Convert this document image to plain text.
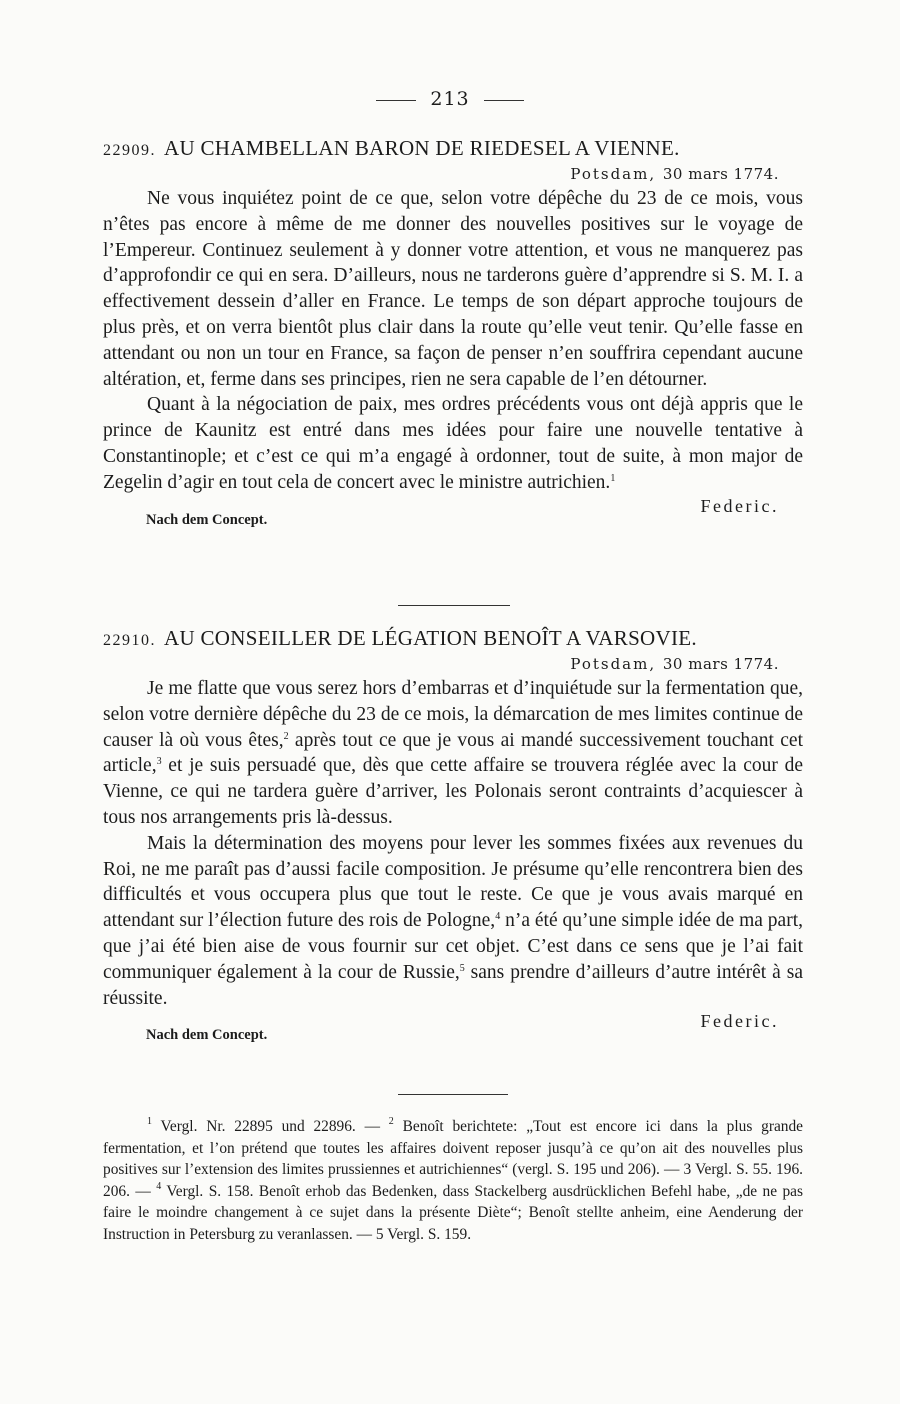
213
22909. AU CHAMBELLAN BARON DE RIEDESEL A VIENNE.
Potsdam, 30 mars 1774.

Ne vous inquiétez point de ce que, selon votre dépêche du 23 de ce mois, vous n’êtes pas encore à même de me donner des nouvelles positives sur le voyage de l’Empereur. Continuez seulement à y donner votre attention, et vous ne manquerez pas d’approfondir ce qui en sera. D’ailleurs, nous ne tarderons guère d’apprendre si S. M. I. a effectivement dessein d’aller en France. Le temps de son départ approche toujours de plus près, et on verra bientôt plus clair dans la route qu’elle veut tenir. Qu’elle fasse en attendant ou non un tour en France, sa façon de penser n’en souffrira cependant aucune altération, et, ferme dans ses principes, rien ne sera capable de l’en détourner.

Quant à la négociation de paix, mes ordres précédents vous ont déjà appris que le prince de Kaunitz est entré dans mes idées pour faire une nouvelle tentative à Constantinople; et c’est ce qui m’a engagé à ordonner, tout de suite, à mon major de Zegelin d’agir en tout cela de concert avec le ministre autrichien.$^1$

Nach dem Concept.
Federic.
22910. AU CONSEILLER DE LÉGATION BENOÎT A VARSOVIE.
Potsdam, 30 mars 1774.

Je me flatte que vous serez hors d’embarras et d’inquiétude sur la fermentation que, selon votre dernière dépêche du 23 de ce mois, la démarcation de mes limites continue de causer là où vous êtes,$^2$ après tout ce que je vous ai mandé successivement touchant cet article,$^3$ et je suis persuadé que, dès que cette affaire se trouvera réglée avec la cour de Vienne, ce qui ne tardera guère d’arriver, les Polonais seront contraints d’acquiescer à tous nos arrangements pris là-dessus.

Mais la détermination des moyens pour lever les sommes fixées aux revenues du Roi, ne me paraît pas d’aussi facile composition. Je présume qu’elle rencontrera bien des difficultés et vous occupera plus que tout le reste. Ce que je vous avais marqué en attendant sur l’élection future des rois de Pologne,$^4$ n’a été qu’une simple idée de ma part, que j’ai été bien aise de vous fournir sur cet objet. C’est dans ce sens que je l’ai fait communiquer également à la cour de Russie,$^5$ sans prendre d’ailleurs d’autre intérêt à sa réussite.

Nach dem Concept.
Federic.

$^1$ Vergl. Nr. 22895 und 22896. — $^2$ Benoît berichtete: „Tout est encore ici dans la plus grande fermentation, et l’on prétend que toutes les affaires doivent reposer jusqu’à ce qu’on ait des nouvelles plus positives sur l’extension des limites prussiennes et autrichiennes“ (vergl. S. 195 und 206). — 3 Vergl. S. 55. 196. 206. — $^4$ Vergl. S. 158. Benoît erhob das Bedenken, dass Stackelberg ausdrücklichen Befehl habe, „de ne pas faire le moindre changement à ce sujet dans la présente Diète“; Benoît stellte anheim, eine Aenderung der Instruction in Petersburg zu veranlassen. — 5 Vergl. S. 159.
